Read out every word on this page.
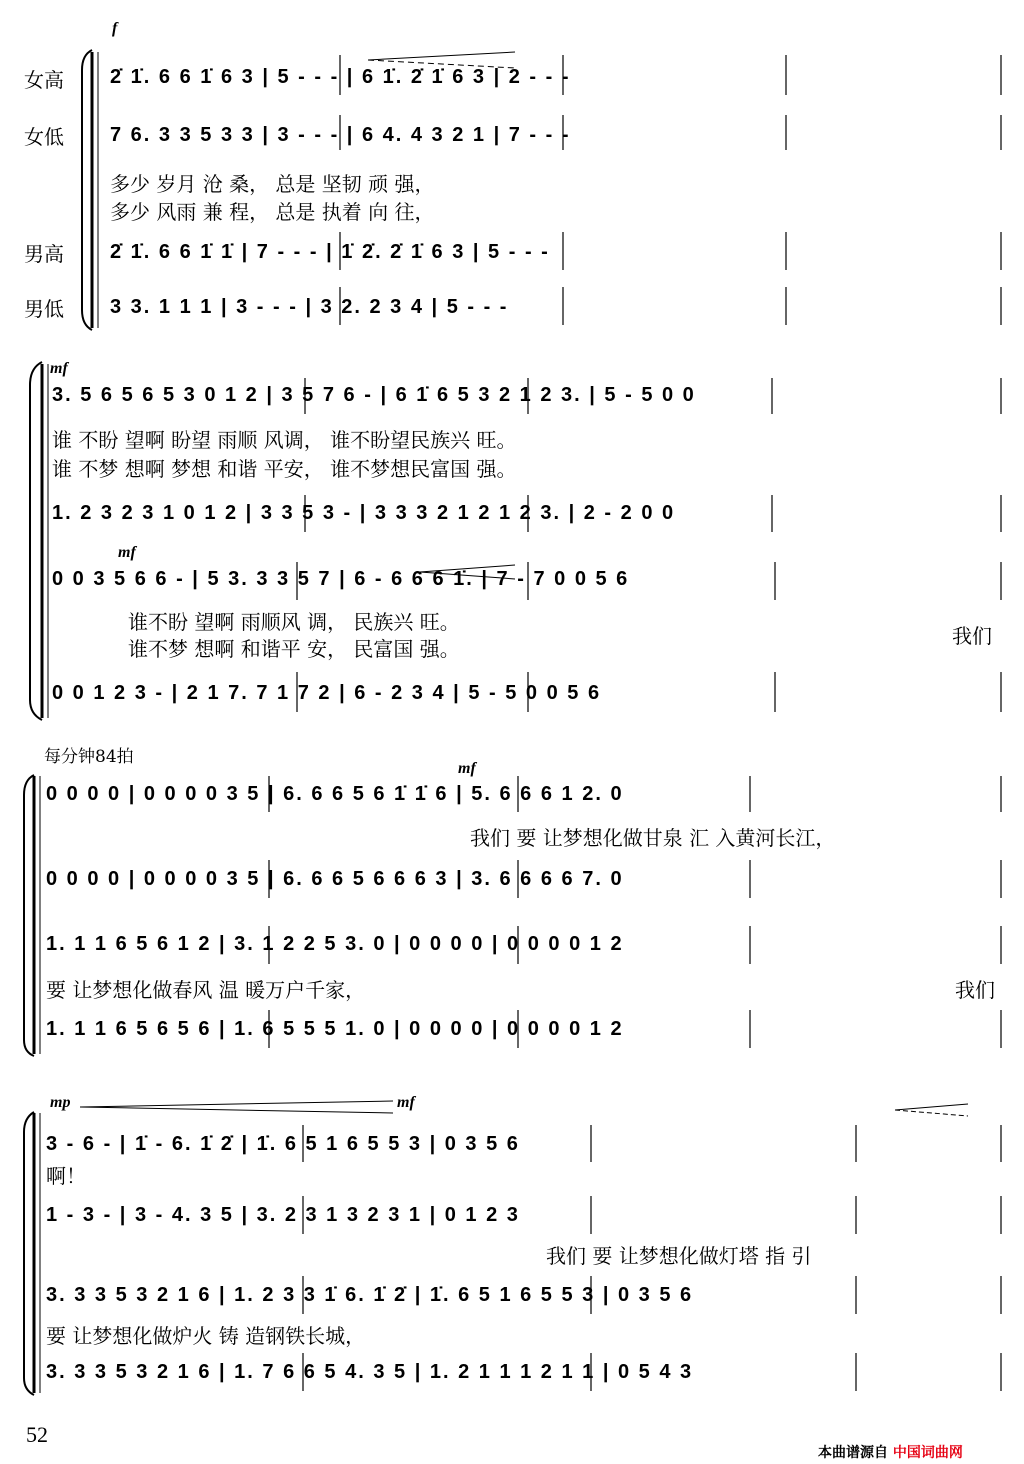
女高
女低
男高
男低
f
2̇ 1̇. 6 6 1̇ 6 3 | 5 - - - | 6 1̇. 2̇ 1̇ 6 3 | 2 - - -
7 6. 3 3 5 3 3 | 3 - - - | 6 4. 4 3 2 1 | 7 - - -
多少 岁月 沧 桑， 总是 坚韧 顽 强，
多少 风雨 兼 程， 总是 执着 向 往，
2̇ 1̇. 6 6 1̇ 1̇ | 7 - - - | 1̇ 2̇. 2̇ 1̇ 6 3 | 5 - - -
3 3. 1 1 1 | 3 - - - | 3 2. 2 3 4 | 5 - - -
mf
3. 5 6 5 6 5 3 0 1 2 | 3 5 7 6 - | 6 1̇ 6 5 3 2 1 2 3. | 5 - 5 0 0
谁 不盼 望啊 盼望 雨顺 风调， 谁不盼望民族兴 旺。
谁 不梦 想啊 梦想 和谐 平安， 谁不梦想民富国 强。
1. 2 3 2 3 1 0 1 2 | 3 3 5 3 - | 3 3 3 2 1 2 1 2 3. | 2 - 2 0 0
mf
0 0 3 5 6 6 - | 5 3. 3 3 5 7 | 6 - 6 6 6 1̇. | 7 - 7 0 0 5 6
谁不盼 望啊 雨顺风 调， 民族兴 旺。
谁不梦 想啊 和谐平 安， 民富国 强。
我们
0 0 1 2 3 - | 2 1 7. 7 1 7 2 | 6 - 2 3 4 | 5 - 5 0 0 5 6
每分钟84拍
mf
0 0 0 0 | 0 0 0 0 3 5 | 6. 6 6 5 6 1̇ 1̇ 6 | 5. 6 6 6 1 2. 0
我们 要 让梦想化做甘泉 汇 入黄河长江，
0 0 0 0 | 0 0 0 0 3 5 | 6. 6 6 5 6 6 6 3 | 3. 6 6 6 6 7. 0
1. 1 1 6 5 6 1 2 | 3. 1 2 2 5 3. 0 | 0 0 0 0 | 0 0 0 0 1 2
要 让梦想化做春风 温 暖万户千家，	我们
1. 1 1 6 5 6 5 6 | 1. 6 5 5 5 1. 0 | 0 0 0 0 | 0 0 0 0 1 2
mp	mf
3 - 6 - | 1̇ - 6. 1̇ 2̇ | 1̇. 6 5 1 6 5 5 3 | 0 3 5 6
啊！
1 - 3 - | 3 - 4. 3 5 | 3. 2 3 1 3 2 3 1 | 0 1 2 3
我们 要 让梦想化做灯塔 指 引
3. 3 3 5 3 2 1 6 | 1. 2 3 3 1̇ 6. 1̇ 2̇ | 1̇. 6 5 1 6 5 5 3 | 0 3 5 6
要 让梦想化做炉火 铸 造钢铁长城，
3. 3 3 5 3 2 1 6 | 1. 7 6 6 5 4. 3 5 | 1. 2 1 1 1 2 1 1 | 0 5 4 3
52
本曲谱源自 中国词曲网
